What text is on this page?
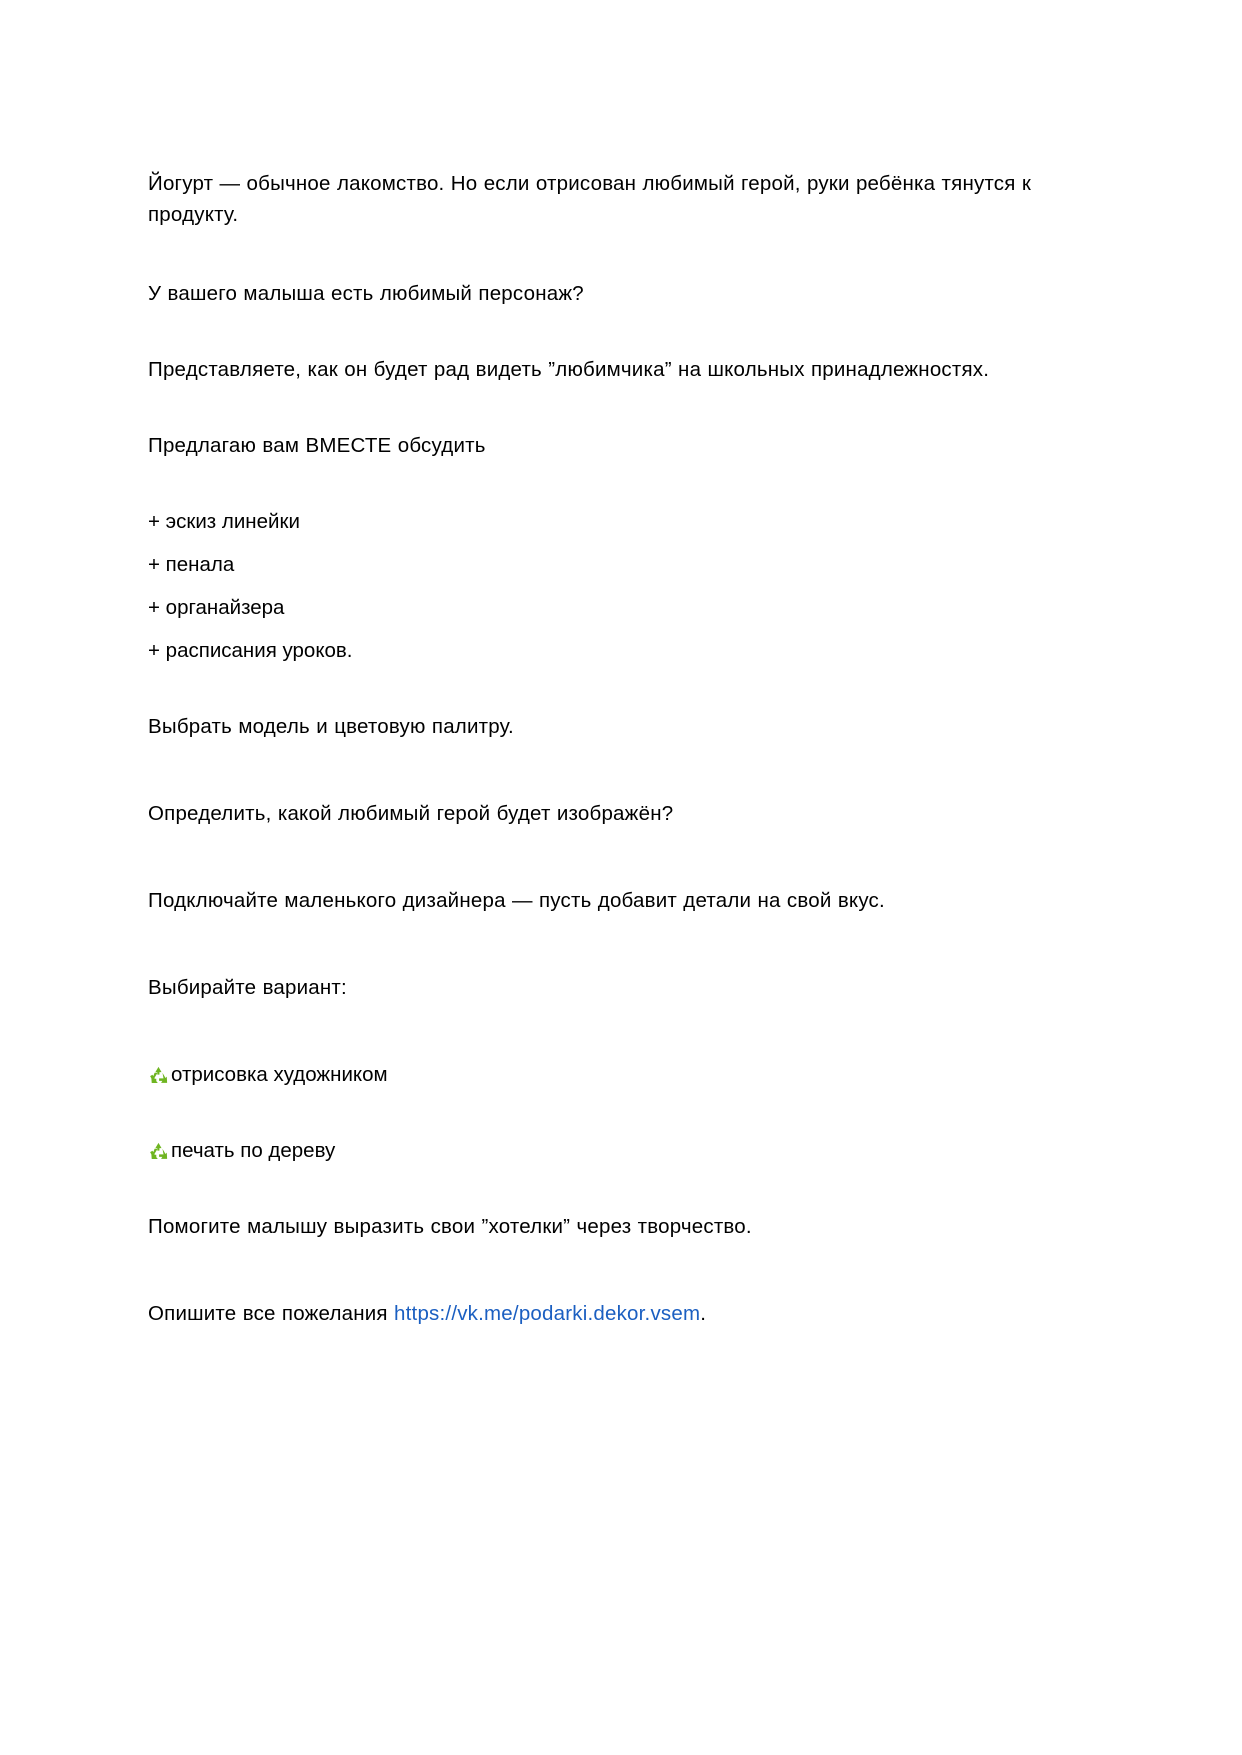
Йогурт — обычное лакомство. Но если отрисован любимый герой, руки ребёнка тянутся к продукту.

У вашего малыша есть любимый персонаж?

Представляете, как он будет рад видеть ”любимчика” на школьных принадлежностях.

Предлагаю вам ВМЕСТЕ обсудить

+ эскиз линейки

+ пенала

+ органайзера

+ расписания уроков.

Выбрать модель и цветовую палитру.

Определить, какой любимый герой будет изображён?

Подключайте маленького дизайнера — пусть добавит детали на свой вкус.

Выбирайте вариант:

отрисовка художником
печать по дереву

Помогите малышу выразить свои ”хотелки” через творчество.

Опишите все пожелания https://vk.me/podarki.dekor.vsem.
